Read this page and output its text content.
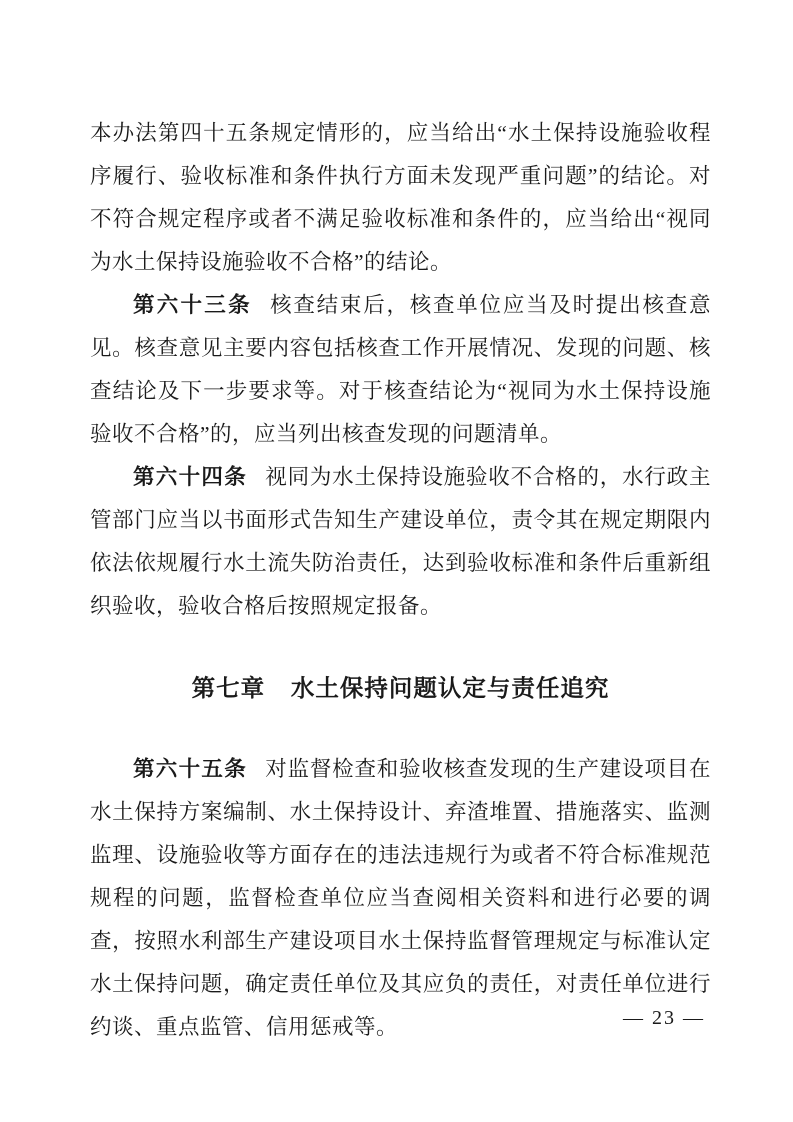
本办法第四十五条规定情形的，应当给出“水土保持设施验收程序履行、验收标准和条件执行方面未发现严重问题”的结论。对不符合规定程序或者不满足验收标准和条件的，应当给出“视同为水土保持设施验收不合格”的结论。

第六十三条 核查结束后，核查单位应当及时提出核查意见。核查意见主要内容包括核查工作开展情况、发现的问题、核查结论及下一步要求等。对于核查结论为“视同为水土保持设施验收不合格”的，应当列出核查发现的问题清单。

第六十四条 视同为水土保持设施验收不合格的，水行政主管部门应当以书面形式告知生产建设单位，责令其在规定期限内依法依规履行水土流失防治责任，达到验收标准和条件后重新组织验收，验收合格后按照规定报备。

第七章 水土保持问题认定与责任追究

第六十五条 对监督检查和验收核查发现的生产建设项目在水土保持方案编制、水土保持设计、弃渣堆置、措施落实、监测监理、设施验收等方面存在的违法违规行为或者不符合标准规范规程的问题，监督检查单位应当查阅相关资料和进行必要的调查，按照水利部生产建设项目水土保持监督管理规定与标准认定水土保持问题，确定责任单位及其应负的责任，对责任单位进行约谈、重点监管、信用惩戒等。	— 23 —
